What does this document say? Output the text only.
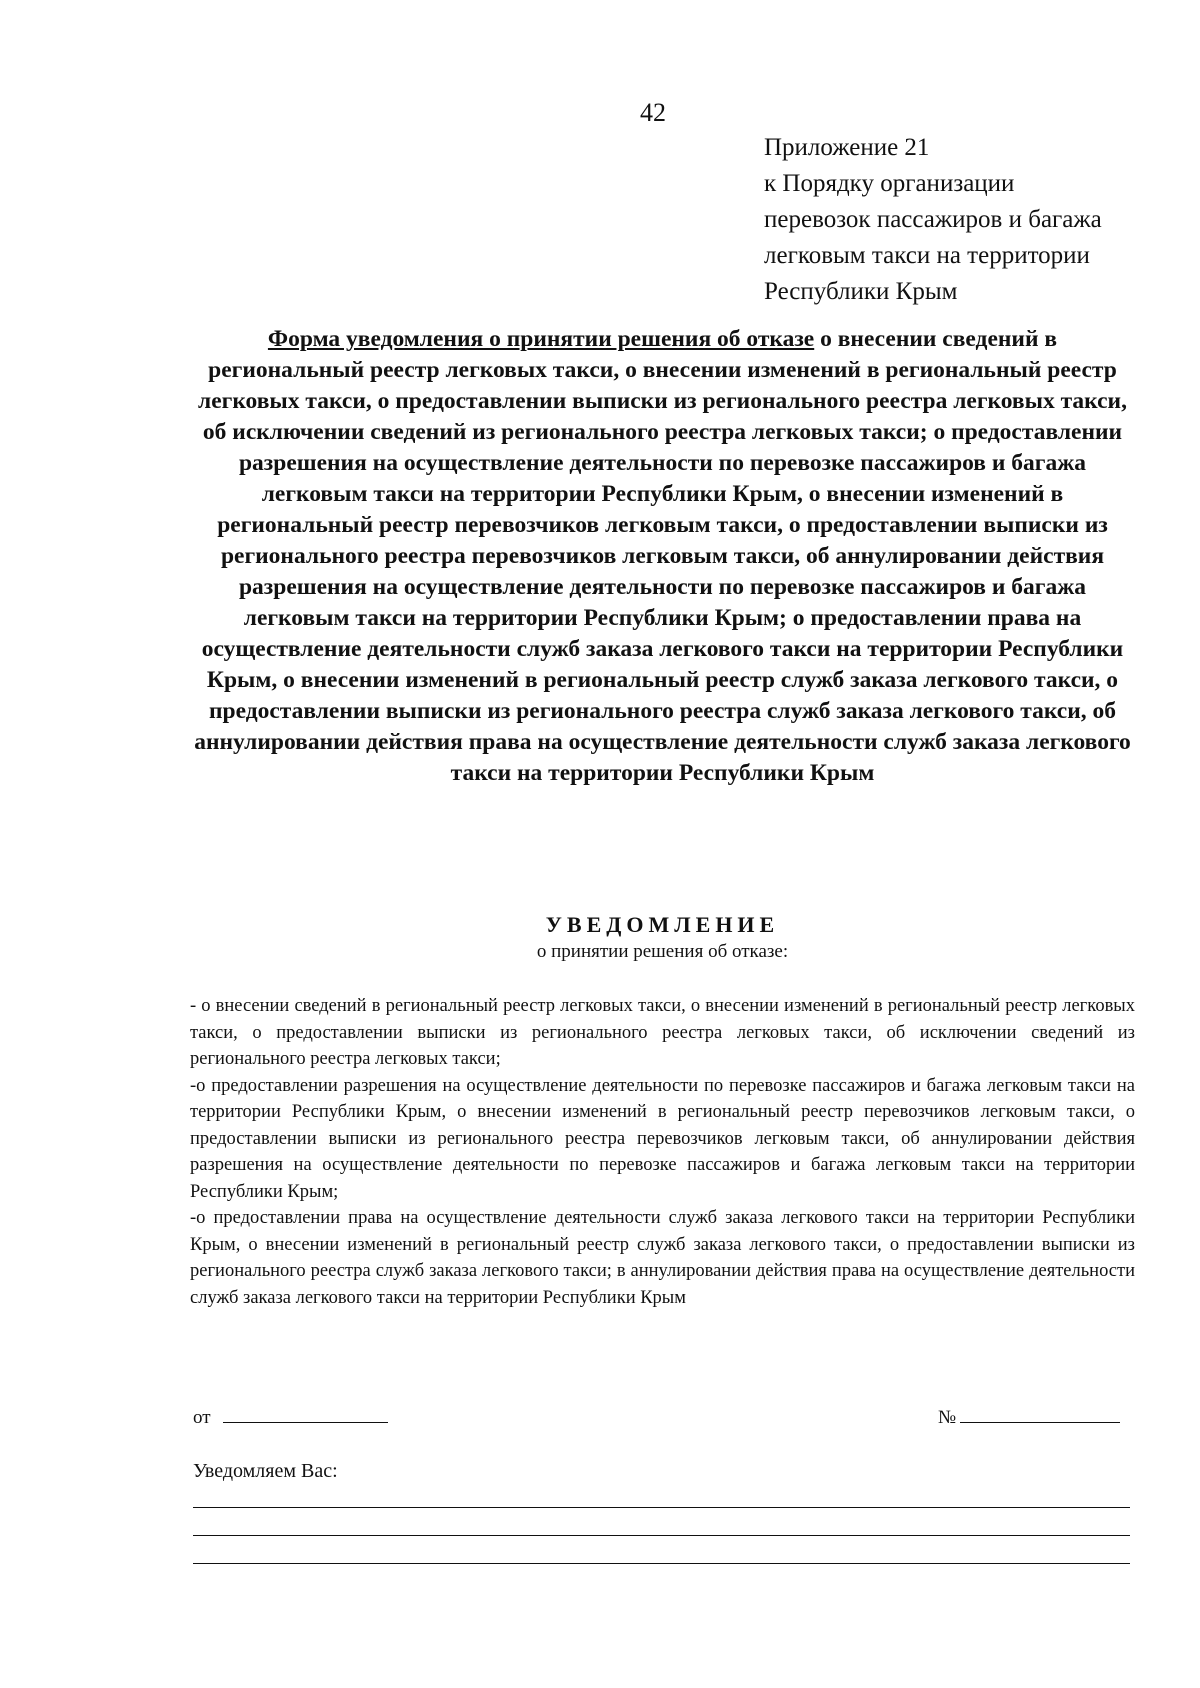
42
Приложение 21
к Порядку организации
перевозок пассажиров и багажа
легковым такси на территории
Республики Крым
Форма уведомления о принятии решения об отказе о внесении сведений в региональный реестр легковых такси, о внесении изменений в региональный реестр легковых такси, о предоставлении выписки из регионального реестра легковых такси, об исключении сведений из регионального реестра легковых такси; о предоставлении разрешения на осуществление деятельности по перевозке пассажиров и багажа легковым такси на территории Республики Крым, о внесении изменений в региональный реестр перевозчиков легковым такси, о предоставлении выписки из регионального реестра перевозчиков легковым такси, об аннулировании действия разрешения на осуществление деятельности по перевозке пассажиров и багажа легковым такси на территории Республики Крым; о предоставлении права на осуществление деятельности служб заказа легкового такси на территории Республики Крым, о внесении изменений в региональный реестр служб заказа легкового такси, о предоставлении выписки из регионального реестра служб заказа легкового такси, об аннулировании действия права на осуществление деятельности служб заказа легкового такси на территории Республики Крым
УВЕДОМЛЕНИЕ
о принятии решения об отказе:

- о внесении сведений в региональный реестр легковых такси, о внесении изменений в региональный реестр легковых такси, о предоставлении выписки из регионального реестра легковых такси, об исключении сведений из регионального реестра легковых такси;

-о предоставлении разрешения на осуществление деятельности по перевозке пассажиров и багажа легковым такси на территории Республики Крым, о внесении изменений в региональный реестр перевозчиков легковым такси, о предоставлении выписки из регионального реестра перевозчиков легковым такси, об аннулировании действия разрешения на осуществление деятельности по перевозке пассажиров и багажа легковым такси на территории Республики Крым;

-о предоставлении права на осуществление деятельности служб заказа легкового такси на территории Республики Крым, о внесении изменений в региональный реестр служб заказа легкового такси, о предоставлении выписки из регионального реестра служб заказа легкового такси; в аннулировании действия права на осуществление деятельности служб заказа легкового такси на территории Республики Крым

от	№
Уведомляем Вас:
